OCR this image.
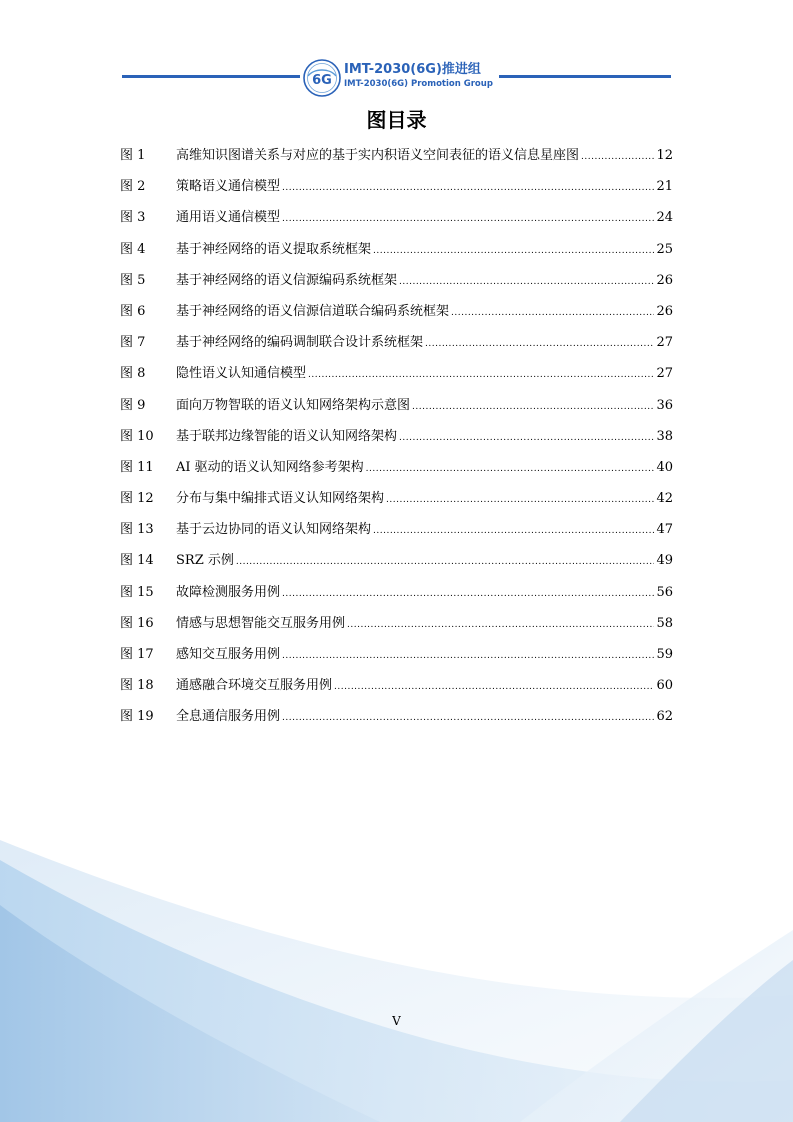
6G
IMT-2030(6G)推进组
IMT-2030(6G) Promotion Group
图目录
图 1	高维知识图谱关系与对应的基于实内积语义空间表征的语义信息星座图 .....	12
图 2	策略语义通信模型 .....	21
图 3	通用语义通信模型 .....	24
图 4	基于神经网络的语义提取系统框架 .....	25
图 5	基于神经网络的语义信源编码系统框架 .....	26
图 6	基于神经网络的语义信源信道联合编码系统框架 .....	26
图 7	基于神经网络的编码调制联合设计系统框架 .....	27
图 8	隐性语义认知通信模型 .....	27
图 9	面向万物智联的语义认知网络架构示意图 .....	36
图 10	基于联邦边缘智能的语义认知网络架构 .....	38
图 11	AI 驱动的语义认知网络参考架构 .....	40
图 12	分布与集中编排式语义认知网络架构 .....	42
图 13	基于云边协同的语义认知网络架构 .....	47
图 14	SRZ 示例 .....	49
图 15	故障检测服务用例 .....	56
图 16	情感与思想智能交互服务用例 .....	58
图 17	感知交互服务用例 .....	59
图 18	通感融合环境交互服务用例 .....	60
图 19	全息通信服务用例 .....	62
V
